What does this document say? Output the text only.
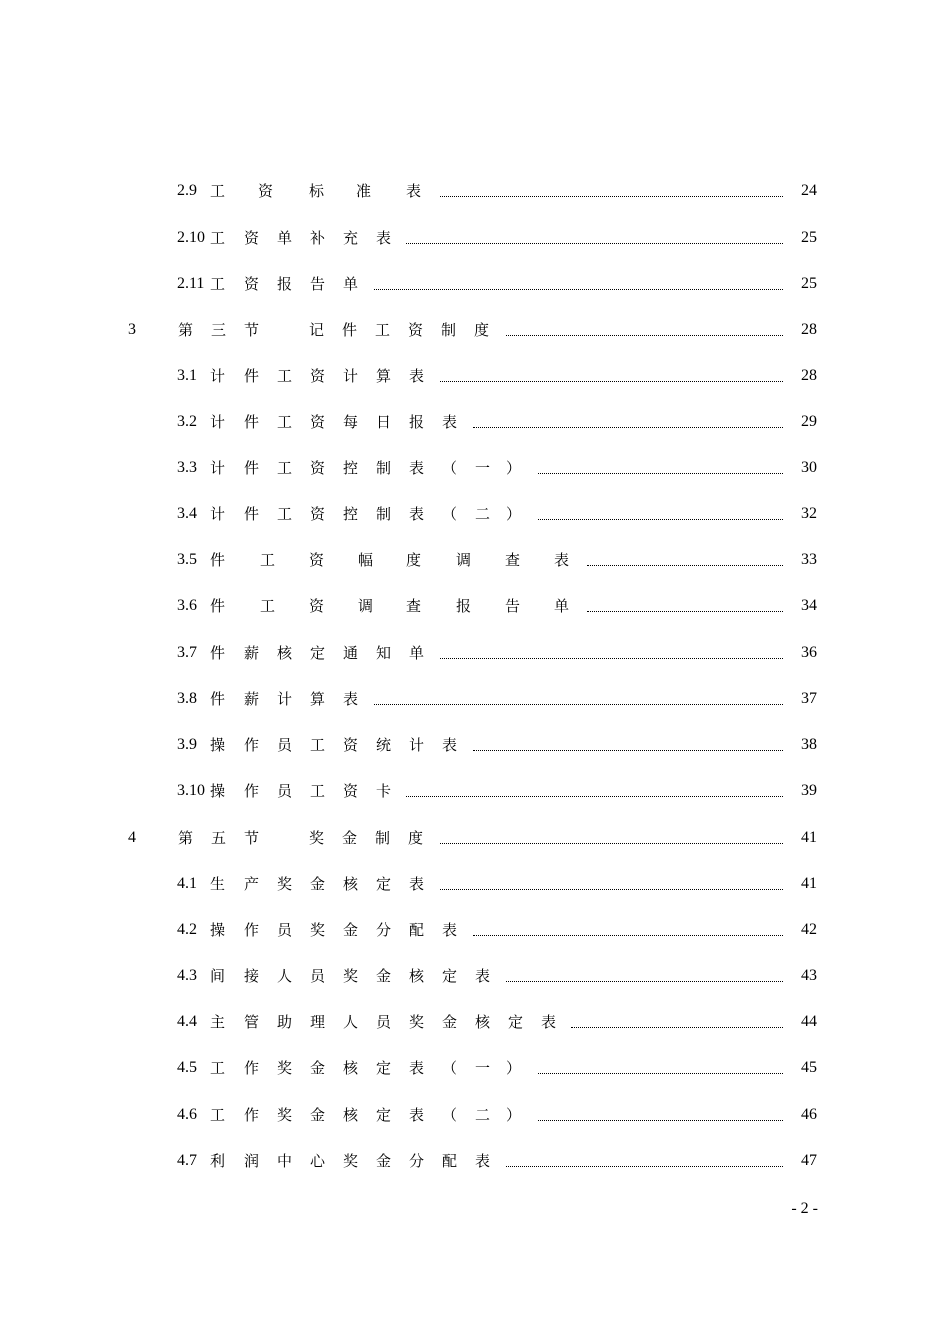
2.9 工 资 标 准 表	24
2.10 工 资 单 补 充 表	25
2.11 工 资 报 告 单	25
3	第 三 节	记 件 工 资 制 度	28
3.1 计 件 工 资 计 算 表	28
3.2 计 件 工 资 每 日 报 表	29
3.3 计 件 工 资 控 制 表 （ 一 ）	30
3.4 计 件 工 资 控 制 表 （ 二 ）	32
3.5 件 工 资 幅 度 调 查 表	33
3.6 件 工 资 调 查 报 告 单	34
3.7 件 薪 核 定 通 知 单	36
3.8 件 薪 计 算 表	37
3.9 操 作 员 工 资 统 计 表	38
3.10 操 作 员 工 资 卡	39
4	第 五 节	奖 金 制 度	41
4.1 生 产 奖 金 核 定 表	41
4.2 操 作 员 奖 金 分 配 表	42
4.3 间 接 人 员 奖 金 核 定 表	43
4.4 主 管 助 理 人 员 奖 金 核 定 表	44
4.5 工 作 奖 金 核 定 表 （ 一 ）	45
4.6 工 作 奖 金 核 定 表 （ 二 ）	46
4.7 利 润 中 心 奖 金 分 配 表	47
- 2 -
